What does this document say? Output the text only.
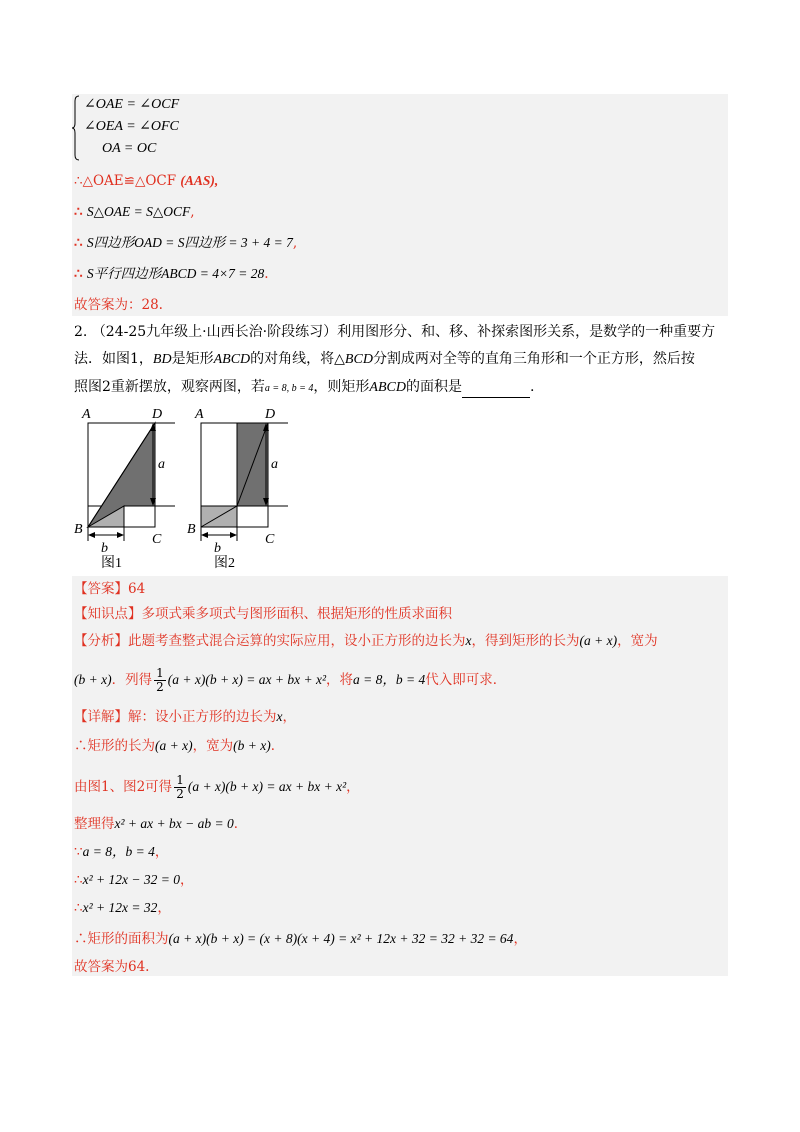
∠OAE = ∠OCF
∠OEA = ∠OFC
OA = OC
∴△OAE≌△OCF (AAS),
∴ S△OAE = S△OCF,
∴ S四边形OAD = S四边形 = 3 + 4 = 7,
∴ S平行四边形ABCD = 4×7 = 28.
故答案为：28.
2. （24-25九年级上·山西长治·阶段练习）利用图形分、和、移、补探索图形关系，是数学的一种重要方
法．如图1，BD是矩形ABCD的对角线，将△BCD分割成两对全等的直角三角形和一个正方形，然后按
照图2重新摆放，观察两图，若a = 8, b = 4，则矩形ABCD的面积是	.
A	D
B
C
a
b
图1
A	D
B
C
a
b
图2
【答案】64
【知识点】多项式乘多项式与图形面积、根据矩形的性质求面积
【分析】此题考查整式混合运算的实际应用，设小正方形的边长为x，得到矩形的长为(a + x)，宽为
(b + x)．列得 $\frac{1}{2} (a + x)(b + x)$ = ax + bx + x²，将a = 8，b = 4代入即可求．
【详解】解：设小正方形的边长为x，
∴矩形的长为(a + x)，宽为(b + x)．
由图1、图2可得 $\frac{1}{2} (a + x)(b + x)$ = ax + bx + x²，
整理得x² + ax + bx − ab = 0．
∵a = 8，b = 4，
∴x² + 12x − 32 = 0，
∴x² + 12x = 32，
∴矩形的面积为(a + x)(b + x) = (x + 8)(x + 4) = x² + 12x + 32 = 32 + 32 = 64，
故答案为64.
